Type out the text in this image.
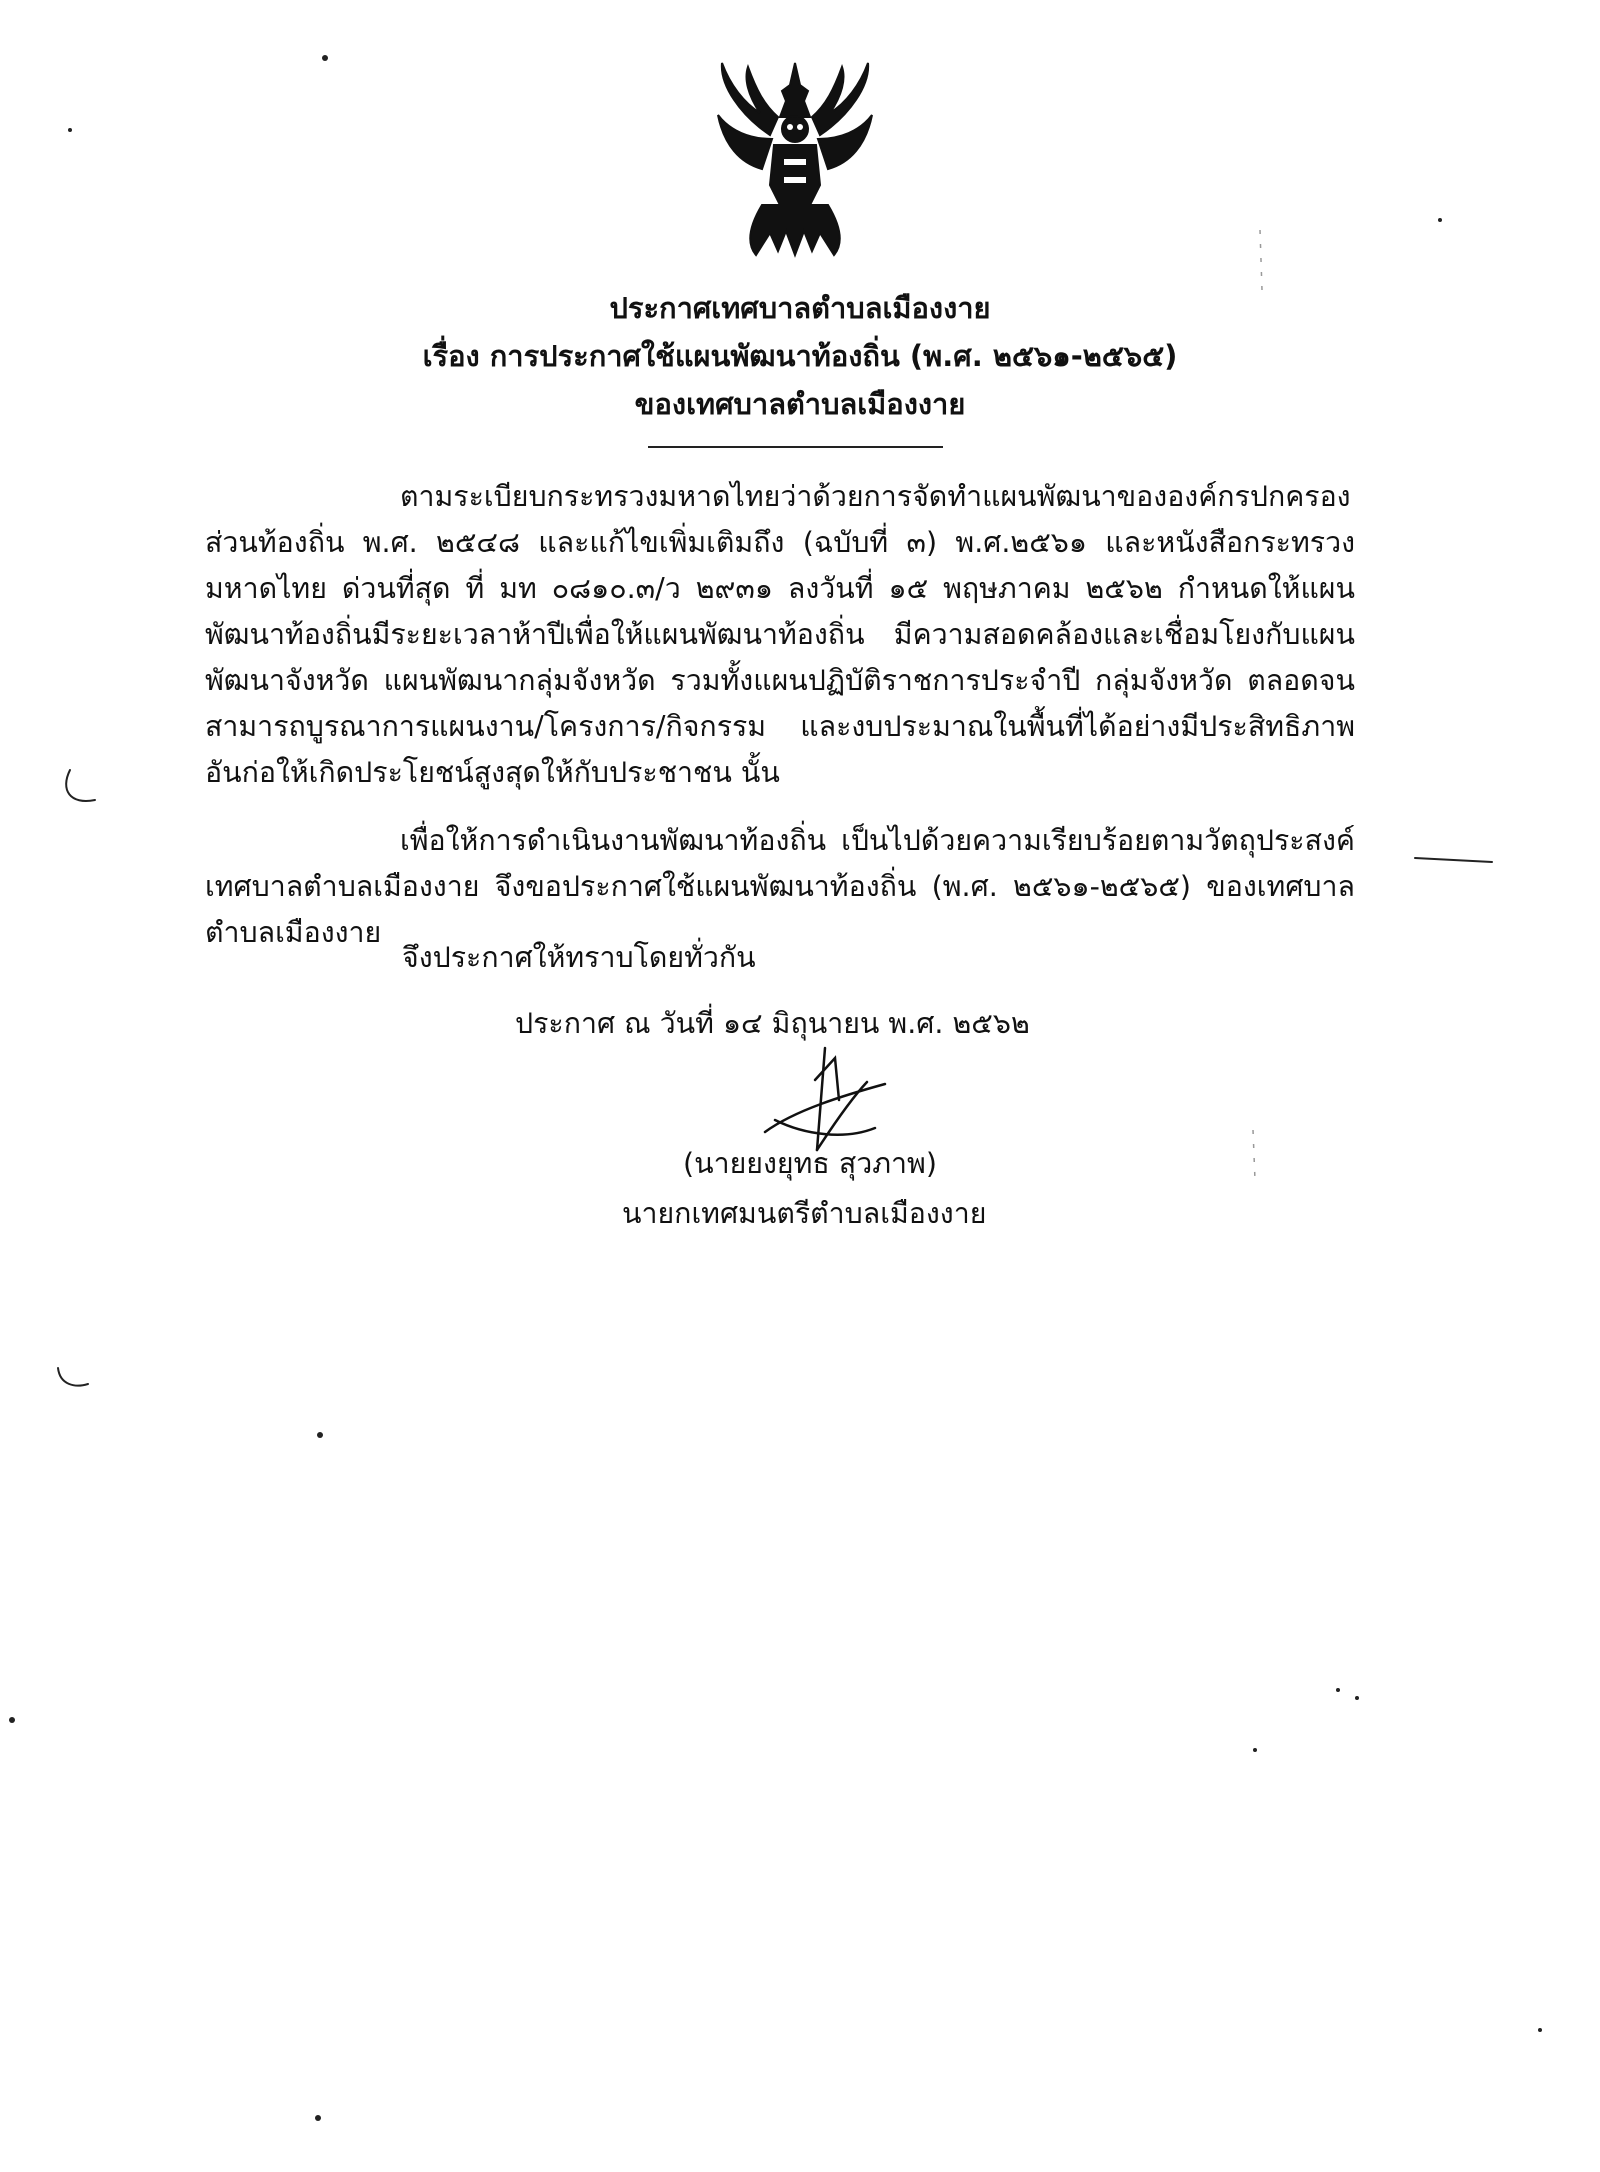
ประกาศเทศบาลตำบลเมืองงาย
เรื่อง การประกาศใช้แผนพัฒนาท้องถิ่น (พ.ศ. ๒๕๖๑-๒๕๖๕)
ของเทศบาลตำบลเมืองงาย
ตามระเบียบกระทรวงมหาดไทยว่าด้วยการจัดทำแผนพัฒนาขององค์กรปกครองส่วนท้องถิ่น พ.ศ. ๒๕๔๘ และแก้ไขเพิ่มเติมถึง (ฉบับที่ ๓) พ.ศ.๒๕๖๑ และหนังสือกระทรวงมหาดไทย ด่วนที่สุด ที่ มท ๐๘๑๐.๓/ว ๒๙๓๑ ลงวันที่ ๑๕ พฤษภาคม ๒๕๖๒ กำหนดให้แผนพัฒนาท้องถิ่นมีระยะเวลาห้าปีเพื่อให้แผนพัฒนาท้องถิ่น มีความสอดคล้องและเชื่อมโยงกับแผนพัฒนาจังหวัด แผนพัฒนากลุ่มจังหวัด รวมทั้งแผนปฏิบัติราชการประจำปี กลุ่มจังหวัด ตลอดจนสามารถบูรณาการแผนงาน/โครงการ/กิจกรรม และงบประมาณในพื้นที่ได้อย่างมีประสิทธิภาพ อันก่อให้เกิดประโยชน์สูงสุดให้กับประชาชน นั้น
เพื่อให้การดำเนินงานพัฒนาท้องถิ่น เป็นไปด้วยความเรียบร้อยตามวัตถุประสงค์ เทศบาลตำบลเมืองงาย จึงขอประกาศใช้แผนพัฒนาท้องถิ่น (พ.ศ. ๒๕๖๑-๒๕๖๕) ของเทศบาลตำบลเมืองงาย
จึงประกาศให้ทราบโดยทั่วกัน
ประกาศ ณ วันที่ ๑๔ มิถุนายน พ.ศ. ๒๕๖๒
(นายยงยุทธ สุวภาพ)
นายกเทศมนตรีตำบลเมืองงาย
